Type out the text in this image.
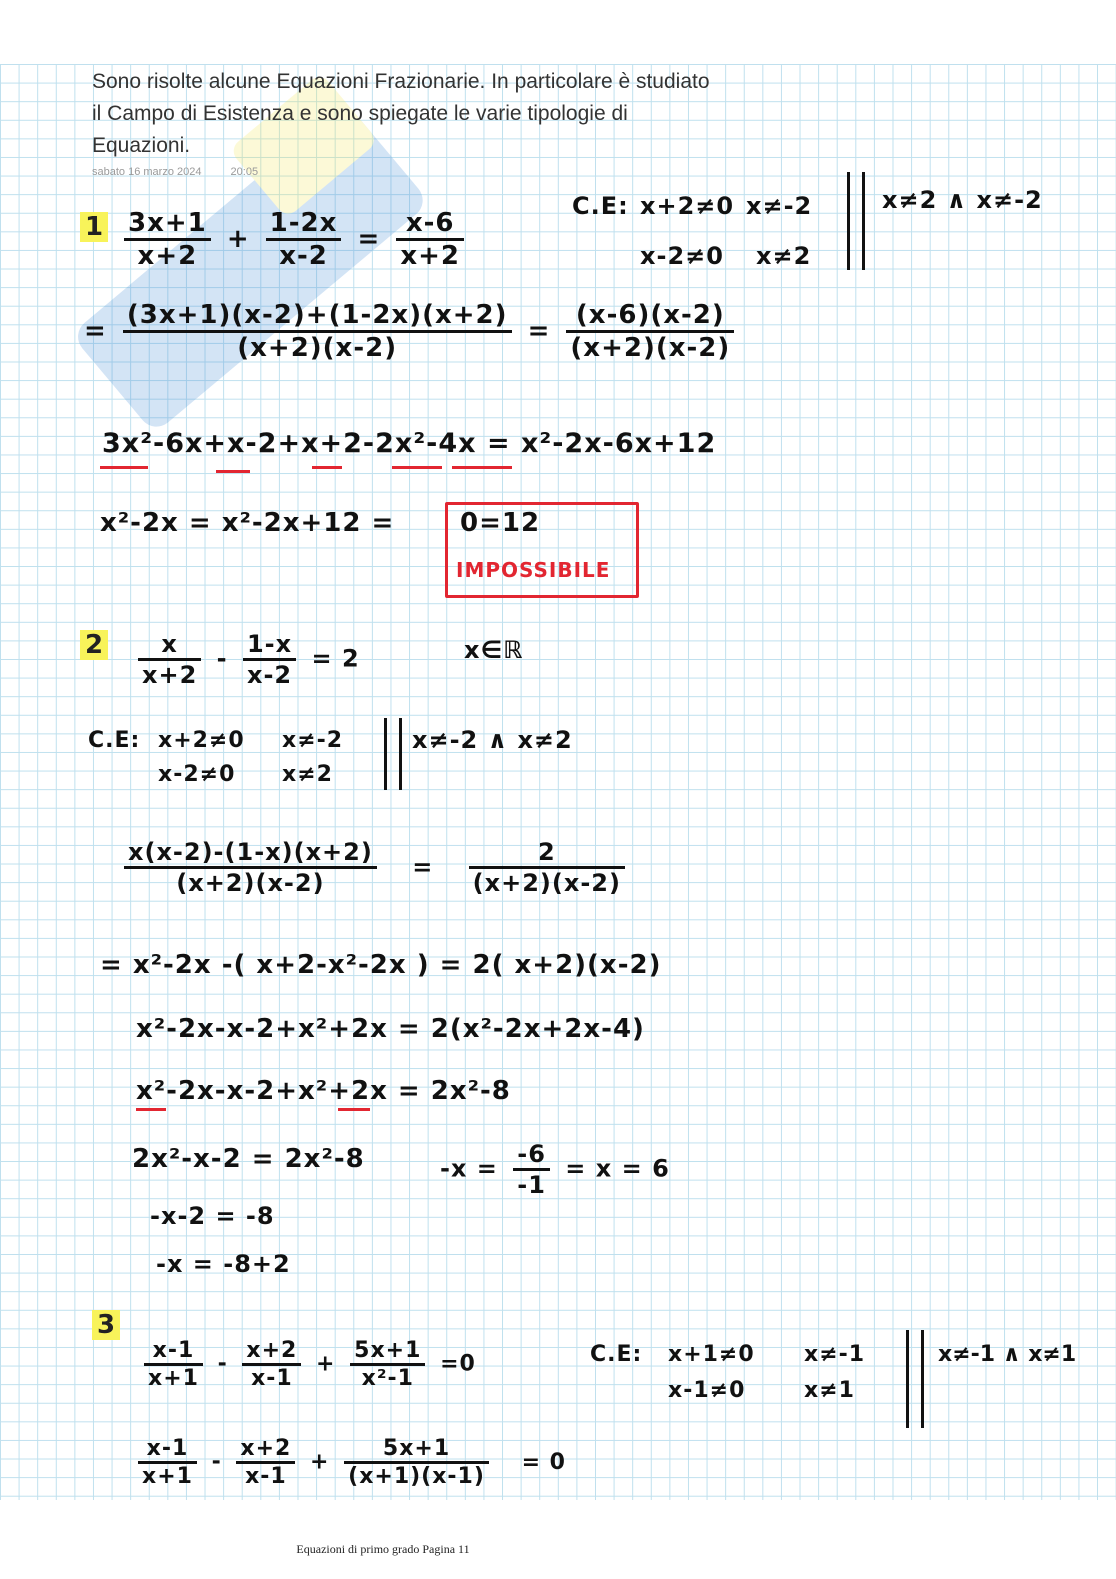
Sono risolte alcune Equazioni Frazionarie. In particolare è studiato il Campo di Esistenza e sono spiegate le varie tipologie di Equazioni.
sabato 16 marzo 2024	20:05
$1 \frac{3x+1}{x+2} + \frac{1-2x}{x-2} = \frac{x-6}{x+2}$
C.E: x+2≠0 x≠-2
x-2≠0 x≠2
x≠2 ∧ x≠-2
= $\frac{(3x+1)(x-2)+(1-2x)(x+2)}{(x+2)(x-2)} = \frac{(x-6)(x-2)}{(x+2)(x-2)}$
3x²-6x+x-2+x+2-2x²-4x = x²-2x-6x+12
x²-2x = x²-2x+12 =	0=12
IMPOSSIBILE
$2 \frac{x}{x+2} - \frac{1-x}{x-2} = 2$	x∈ℝ
C.E: x+2≠0 x≠-2
x-2≠0 x≠2
x≠-2 ∧ x≠2
$\frac{x(x-2)-(1-x)(x+2)}{(x+2)(x-2)} = \frac{2}{(x+2)(x-2)}$
= x²-2x -( x+2-x²-2x ) = 2( x+2)(x-2)
x²-2x-x-2+x²+2x = 2(x²-2x+2x-4)
x²-2x-x-2+x²+2x = 2x²-8
2x²-x-2 = 2x²-8
-x-2 = -8
-x = -8+2
$-x = \frac{-6}{-1} = x = 6$
3
$\frac{x-1}{x+1} - \frac{x+2}{x-1} + \frac{5x+1}{\text{x²-1}} =0$	C.E: x+1≠0 x≠-1
x-1≠0	x≠1
x≠-1 ∧ x≠1
$\frac{x-1}{x+1} - \frac{x+2}{x-1} + \frac{5x+1}{(x+1)(x-1)} = 0$
Equazioni di primo grado Pagina 11
